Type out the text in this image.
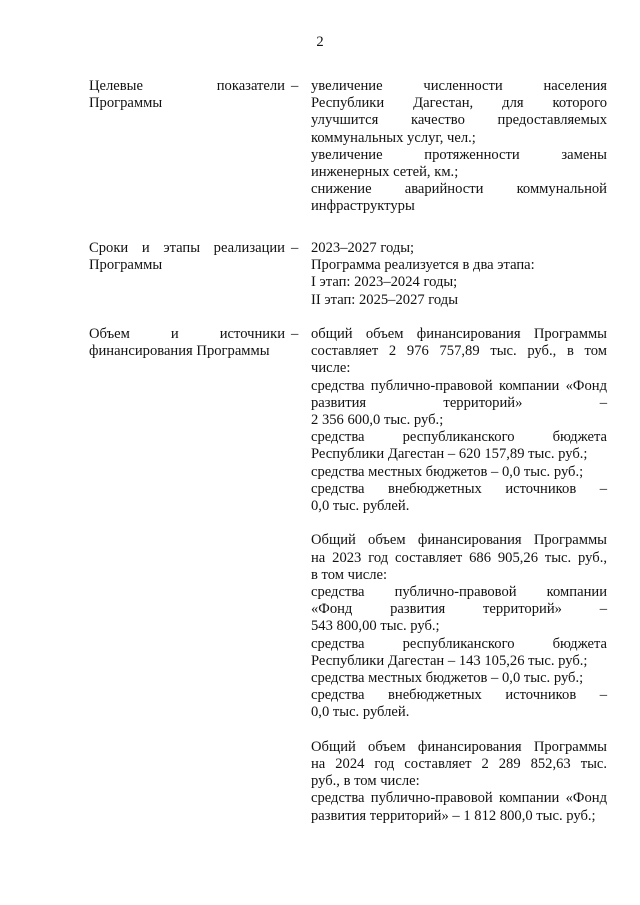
2
Целевые показатели
Программы
– увеличение численности населения
Республики Дагестан, для которого
улучшится качество предоставляемых
коммунальных услуг, чел.;
увеличение протяженности замены
инженерных сетей, км.;
снижение аварийности коммунальной
инфраструктуры
Сроки и этапы реализации
Программы
– 2023–2027 годы;
Программа реализуется в два этапа:
I этап: 2023–2024 годы;
II этап: 2025–2027 годы
Объем и источники
финансирования Программы
– общий объем финансирования Программы
составляет 2 976 757,89 тыс. руб., в том
числе:
средства публично-правовой компании «Фонд
развития территорий» –
2 356 600,0 тыс. руб.;
средства республиканского бюджета
Республики Дагестан – 620 157,89 тыс. руб.;
средства местных бюджетов – 0,0 тыс. руб.;
средства внебюджетных источников –
0,0 тыс. рублей.
Общий объем финансирования Программы
на 2023 год составляет 686 905,26 тыс. руб.,
в том числе:
средства публично-правовой компании
«Фонд развития территорий» –
543 800,00 тыс. руб.;
средства республиканского бюджета
Республики Дагестан – 143 105,26 тыс. руб.;
средства местных бюджетов – 0,0 тыс. руб.;
средства внебюджетных источников –
0,0 тыс. рублей.
Общий объем финансирования Программы
на 2024 год составляет 2 289 852,63 тыс.
руб., в том числе:
средства публично-правовой компании «Фонд
развития территорий» – 1 812 800,0 тыс. руб.;
